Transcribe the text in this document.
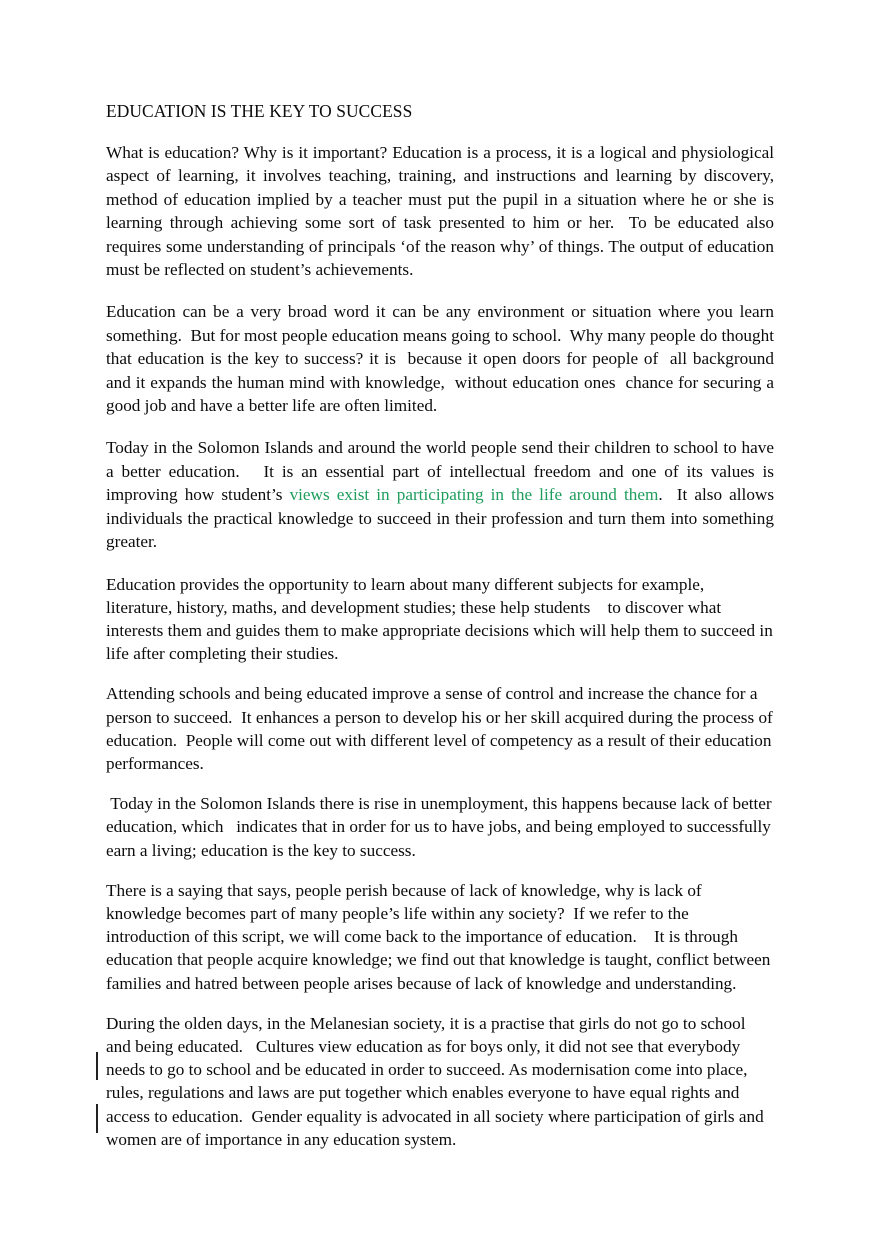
EDUCATION IS THE KEY TO SUCCESS

What is education? Why is it important? Education is a process, it is a logical and physiological aspect of learning, it involves teaching, training, and instructions and learning by discovery, method of education implied by a teacher must put the pupil in a situation where he or she is learning through achieving some sort of task presented to him or her.  To be educated also requires some understanding of principals ‘of the reason why’ of things. The output of education must be reflected on student’s achievements.

Education can be a very broad word it can be any environment or situation where you learn something.  But for most people education means going to school.  Why many people do thought that education is the key to success? it is  because it open doors for people of  all background and it expands the human mind with knowledge,  without education ones  chance for securing a good job and have a better life are often limited.

Today in the Solomon Islands and around the world people send their children to school to have a better education.   It is an essential part of intellectual freedom and one of its values is improving how student’s views exist in participating in the life around them.  It also allows individuals the practical knowledge to succeed in their profession and turn them into something greater.

Education provides the opportunity to learn about many different subjects for example, literature, history, maths, and development studies; these help students    to discover what interests them and guides them to make appropriate decisions which will help them to succeed in life after completing their studies.

Attending schools and being educated improve a sense of control and increase the chance for a person to succeed.  It enhances a person to develop his or her skill acquired during the process of education.  People will come out with different level of competency as a result of their education performances.

Today in the Solomon Islands there is rise in unemployment, this happens because lack of better education, which   indicates that in order for us to have jobs, and being employed to successfully earn a living; education is the key to success.

There is a saying that says, people perish because of lack of knowledge, why is lack of knowledge becomes part of many people’s life within any society?  If we refer to the introduction of this script, we will come back to the importance of education.    It is through education that people acquire knowledge; we find out that knowledge is taught, conflict between families and hatred between people arises because of lack of knowledge and understanding.

During the olden days, in the Melanesian society, it is a practise that girls do not go to school and being educated.   Cultures view education as for boys only, it did not see that everybody needs to go to school and be educated in order to succeed. As modernisation come into place, rules, regulations and laws are put together which enables everyone to have equal rights and access to education.  Gender equality is advocated in all society where participation of girls and women are of importance in any education system.
